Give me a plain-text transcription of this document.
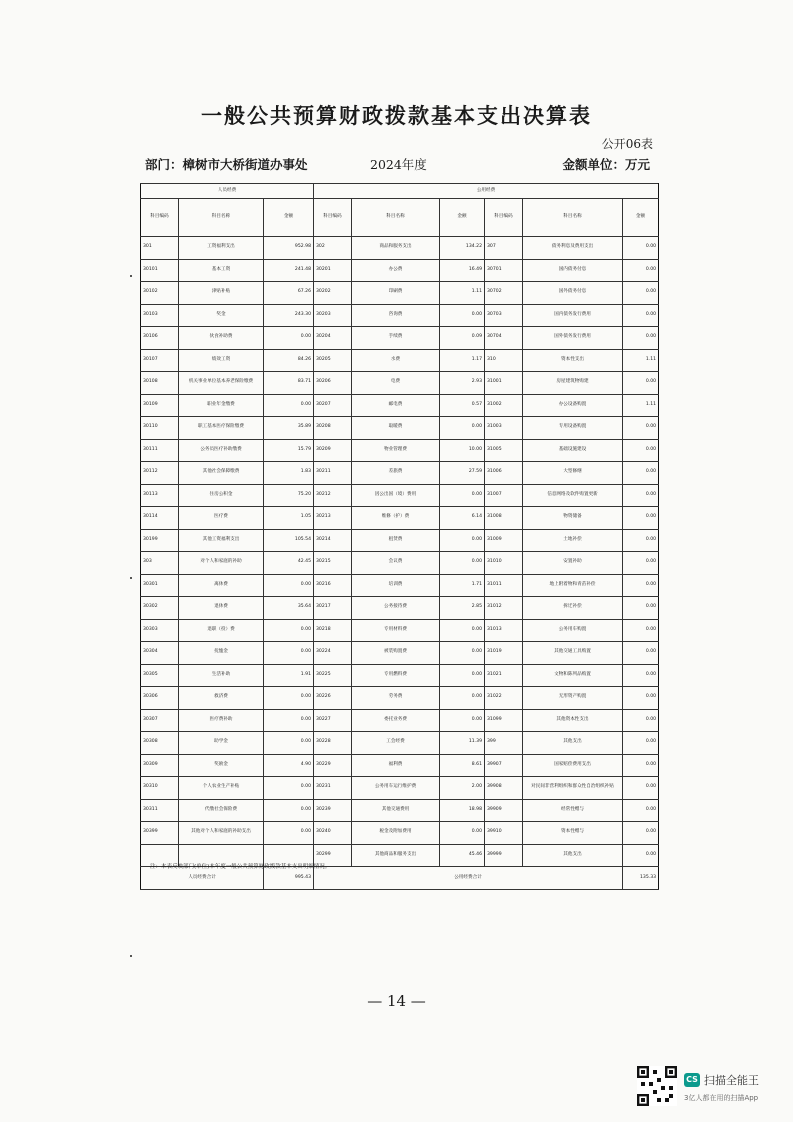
一般公共预算财政拨款基本支出决算表
公开06表
部门：樟树市大桥街道办事处	2024年度	金额单位：万元
人员经费			公用经费					
科目编码	科目名称	金额	科目编码	科目名称	金额	科目编码	科目名称	金额
301	工资福利支出	952.98	302	商品和服务支出	134.22	307	债务利息及费用支出	0.00
30101	基本工资	241.48	30201	办公费	16.49	30701	国内债务付息	0.00
30102	津贴补贴	67.26	30202	印刷费	1.11	30702	国外债务付息	0.00
30103	奖金	243.30	30203	咨询费	0.00	30703	国内债务发行费用	0.00
30106	伙食补助费	0.00	30204	手续费	0.09	30704	国外债务发行费用	0.00
30107	绩效工资	84.26	30205	水费	1.17	310	资本性支出	1.11
30108	机关事业单位基本养老保险缴费	83.71	30206	电费	2.93	31001	房屋建筑物购建	0.00
30109	职业年金缴费	0.00	30207	邮电费	0.57	31002	办公设备购置	1.11
30110	职工基本医疗保险缴费	35.89	30208	取暖费	0.00	31003	专用设备购置	0.00
30111	公务员医疗补助缴费	15.79	30209	物业管理费	10.00	31005	基础设施建设	0.00
30112	其他社会保障缴费	1.83	30211	差旅费	27.59	31006	大型修缮	0.00
30113	住房公积金	75.20	30212	因公出国（境）费用	0.00	31007	信息网络及软件购置更新	0.00
30114	医疗费	1.05	30213	维修（护）费	6.14	31008	物资储备	0.00
30199	其他工资福利支出	105.54	30214	租赁费	0.00	31009	土地补偿	0.00
303	对个人和家庭的补助	42.45	30215	会议费	0.00	31010	安置补助	0.00
30301	离休费	0.00	30216	培训费	1.71	31011	地上附着物和青苗补偿	0.00
30302	退休费	35.64	30217	公务接待费	2.85	31012	拆迁补偿	0.00
30303	退职（役）费	0.00	30218	专用材料费	0.00	31013	公务用车购置	0.00
30304	抚恤金	0.00	30224	被装购置费	0.00	31019	其他交通工具购置	0.00
30305	生活补助	1.91	30225	专用燃料费	0.00	31021	文物和陈列品购置	0.00
30306	救济费	0.00	30226	劳务费	0.00	31022	无形资产购置	0.00
30307	医疗费补助	0.00	30227	委托业务费	0.00	31099	其他资本性支出	0.00
30308	助学金	0.00	30228	工会经费	11.39	399	其他支出	0.00
30309	奖励金	4.90	30229	福利费	8.61	39907	国家赔偿费用支出	0.00
30310	个人农业生产补贴	0.00	30231	公务用车运行维护费	2.00	39908	对民间非营利组织和群众性自治组织补贴	0.00
30311	代缴社会保险费	0.00	30239	其他交通费用	18.98	39909	经常性赠与	0.00
30399	其他对个人和家庭的补助支出	0.00	30240	税金及附加费用	0.00	39910	资本性赠与	0.00
			30299	其他商品和服务支出	45.46	39999	其他支出	0.00
人员经费合计		995.43	公用经费合计					135.33
注：本表反映部门(单位)本年度一般公共预算财政拨款基本支出明细情况。
— 14 —
CS 扫描全能王
3亿人都在用的扫描App
